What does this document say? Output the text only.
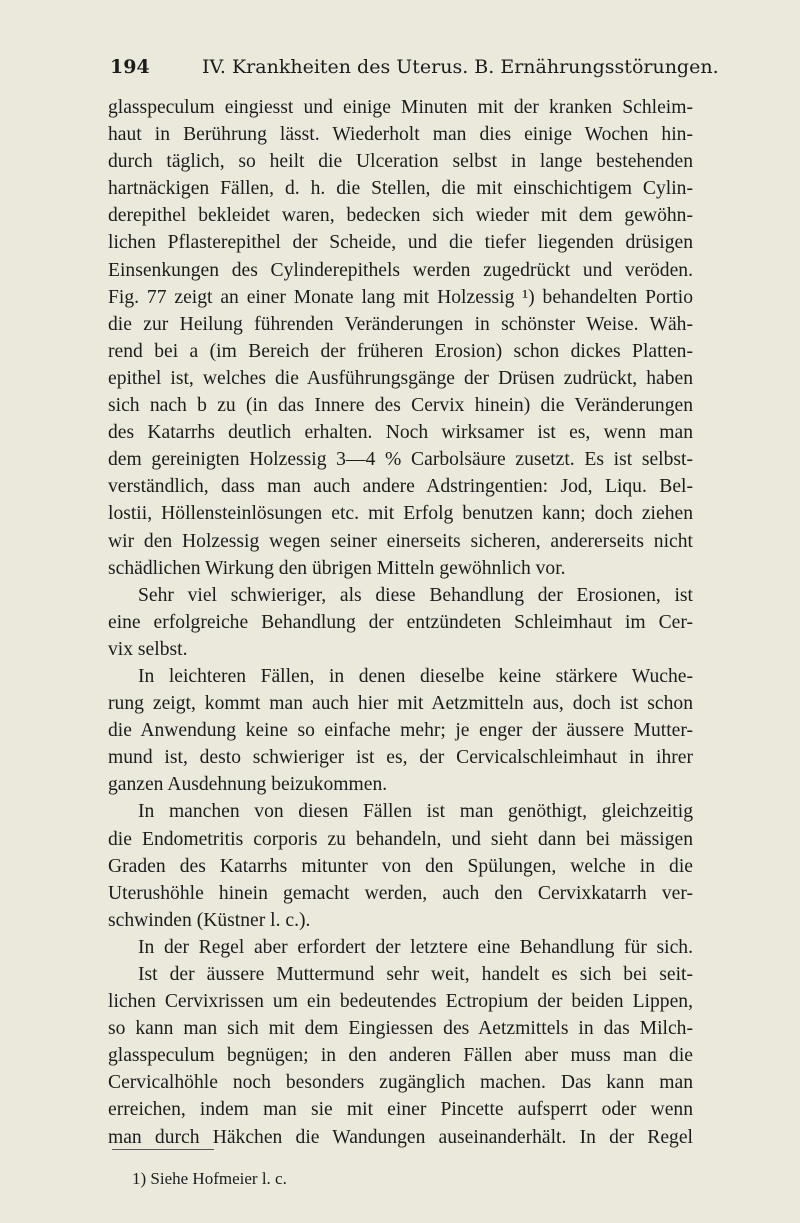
194	IV. Krankheiten des Uterus. B. Ernährungsstörungen.
glasspeculum eingiesst und einige Minuten mit der kranken Schleim-
haut in Berührung lässt. Wiederholt man dies einige Wochen hin-
durch täglich, so heilt die Ulceration selbst in lange bestehenden
hartnäckigen Fällen, d. h. die Stellen, die mit einschichtigem Cylin-
derepithel bekleidet waren, bedecken sich wieder mit dem gewöhn-
lichen Pflasterepithel der Scheide, und die tiefer liegenden drüsigen
Einsenkungen des Cylinderepithels werden zugedrückt und veröden.
Fig. 77 zeigt an einer Monate lang mit Holzessig ¹) behandelten Portio
die zur Heilung führenden Veränderungen in schönster Weise. Wäh-
rend bei a (im Bereich der früheren Erosion) schon dickes Platten-
epithel ist, welches die Ausführungsgänge der Drüsen zudrückt, haben
sich nach b zu (in das Innere des Cervix hinein) die Veränderungen
des Katarrhs deutlich erhalten. Noch wirksamer ist es, wenn man
dem gereinigten Holzessig 3—4 % Carbolsäure zusetzt. Es ist selbst-
verständlich, dass man auch andere Adstringentien: Jod, Liqu. Bel-
lostii, Höllensteinlösungen etc. mit Erfolg benutzen kann; doch ziehen
wir den Holzessig wegen seiner einerseits sicheren, andererseits nicht
schädlichen Wirkung den übrigen Mitteln gewöhnlich vor.
Sehr viel schwieriger, als diese Behandlung der Erosionen, ist
eine erfolgreiche Behandlung der entzündeten Schleimhaut im Cer-
vix selbst.
In leichteren Fällen, in denen dieselbe keine stärkere Wuche-
rung zeigt, kommt man auch hier mit Aetzmitteln aus, doch ist schon
die Anwendung keine so einfache mehr; je enger der äussere Mutter-
mund ist, desto schwieriger ist es, der Cervicalschleimhaut in ihrer
ganzen Ausdehnung beizukommen.
In manchen von diesen Fällen ist man genöthigt, gleichzeitig
die Endometritis corporis zu behandeln, und sieht dann bei mässigen
Graden des Katarrhs mitunter von den Spülungen, welche in die
Uterushöhle hinein gemacht werden, auch den Cervixkatarrh ver-
schwinden (Küstner l. c.).
In der Regel aber erfordert der letztere eine Behandlung für sich.
Ist der äussere Muttermund sehr weit, handelt es sich bei seit-
lichen Cervixrissen um ein bedeutendes Ectropium der beiden Lippen,
so kann man sich mit dem Eingiessen des Aetzmittels in das Milch-
glasspeculum begnügen; in den anderen Fällen aber muss man die
Cervicalhöhle noch besonders zugänglich machen. Das kann man
erreichen, indem man sie mit einer Pincette aufsperrt oder wenn
man durch Häkchen die Wandungen auseinanderhält. In der Regel
1) Siehe Hofmeier l. c.
